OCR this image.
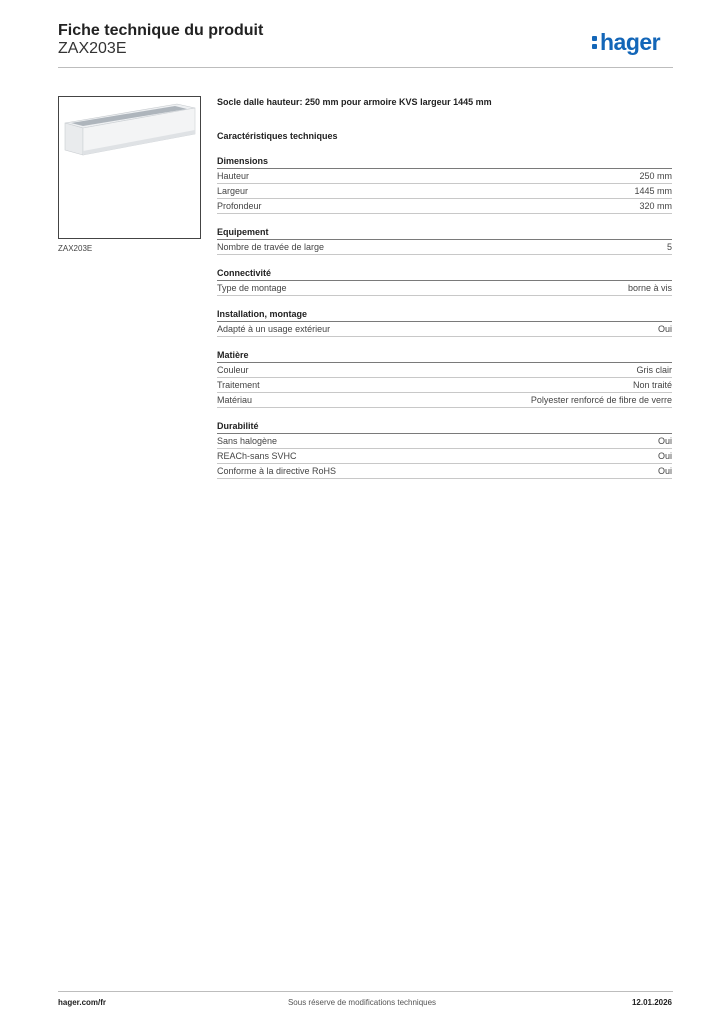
Fiche technique du produit
ZAX203E	hager
ZAX203E
Socle dalle hauteur: 250 mm pour armoire KVS largeur 1445 mm
Caractéristiques techniques
Dimensions
Hauteur	250 mm
Largeur	1445 mm
Profondeur	320 mm
Equipement
Nombre de travée de large	5
Connectivité
Type de montage	borne à vis
Installation, montage
Adapté à un usage extérieur	Oui
Matière
Couleur	Gris clair
Traitement	Non traité
Matériau	Polyester renforcé de fibre de verre
Durabilité
Sans halogène	Oui
REACh-sans SVHC	Oui
Conforme à la directive RoHS	Oui
hager.com/fr	Sous réserve de modifications techniques	12.01.2026
